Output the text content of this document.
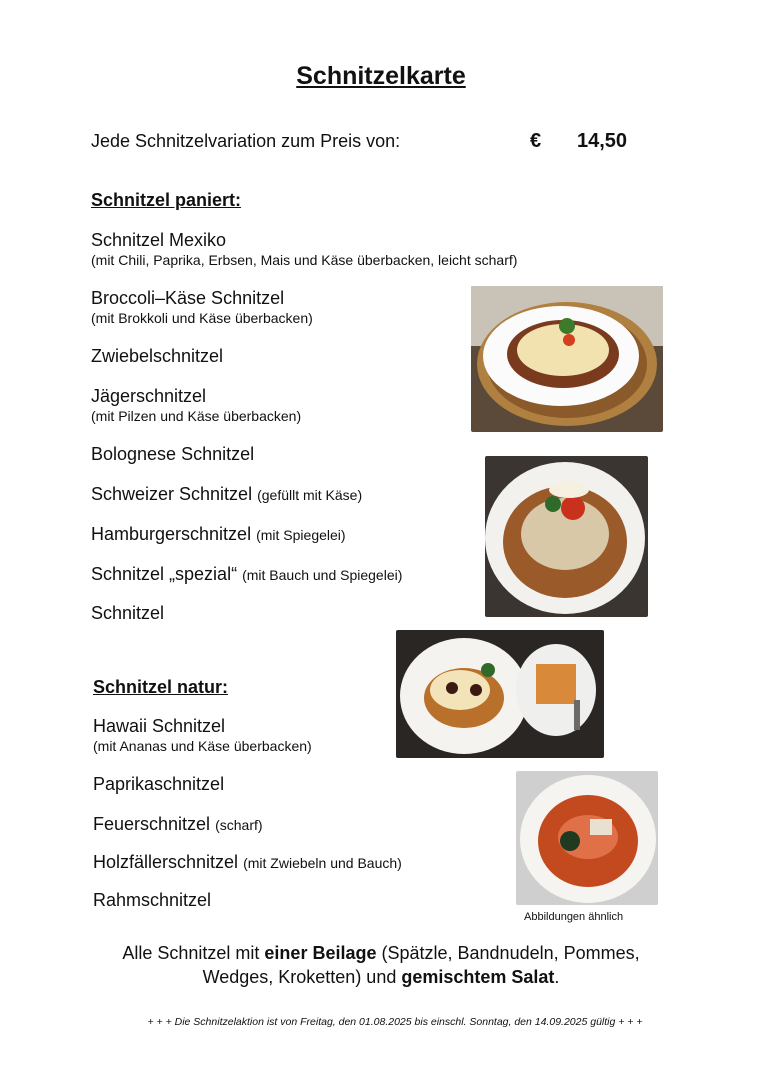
Schnitzelkarte
Jede Schnitzelvariation zum Preis von:	€ 14,50
Schnitzel paniert:
Schnitzel Mexiko
(mit Chili, Paprika, Erbsen, Mais und Käse überbacken, leicht scharf)
Broccoli–Käse Schnitzel
(mit Brokkoli und Käse überbacken)
Zwiebelschnitzel
Jägerschnitzel
(mit Pilzen und Käse überbacken)
Bolognese Schnitzel
Schweizer Schnitzel (gefüllt mit Käse)
Hamburgerschnitzel (mit Spiegelei)
Schnitzel „spezial“ (mit Bauch und Spiegelei)
Schnitzel
Schnitzel natur:
Hawaii Schnitzel
(mit Ananas und Käse überbacken)
Paprikaschnitzel
Feuerschnitzel (scharf)
Holzfällerschnitzel (mit Zwiebeln und Bauch)
Rahmschnitzel
Abbildungen ähnlich
Alle Schnitzel mit einer Beilage (Spätzle, Bandnudeln, Pommes,
Wedges, Kroketten) und gemischtem Salat.
+ + + Die Schnitzelaktion ist von Freitag, den 01.08.2025 bis einschl. Sonntag, den 14.09.2025 gültig + + +
